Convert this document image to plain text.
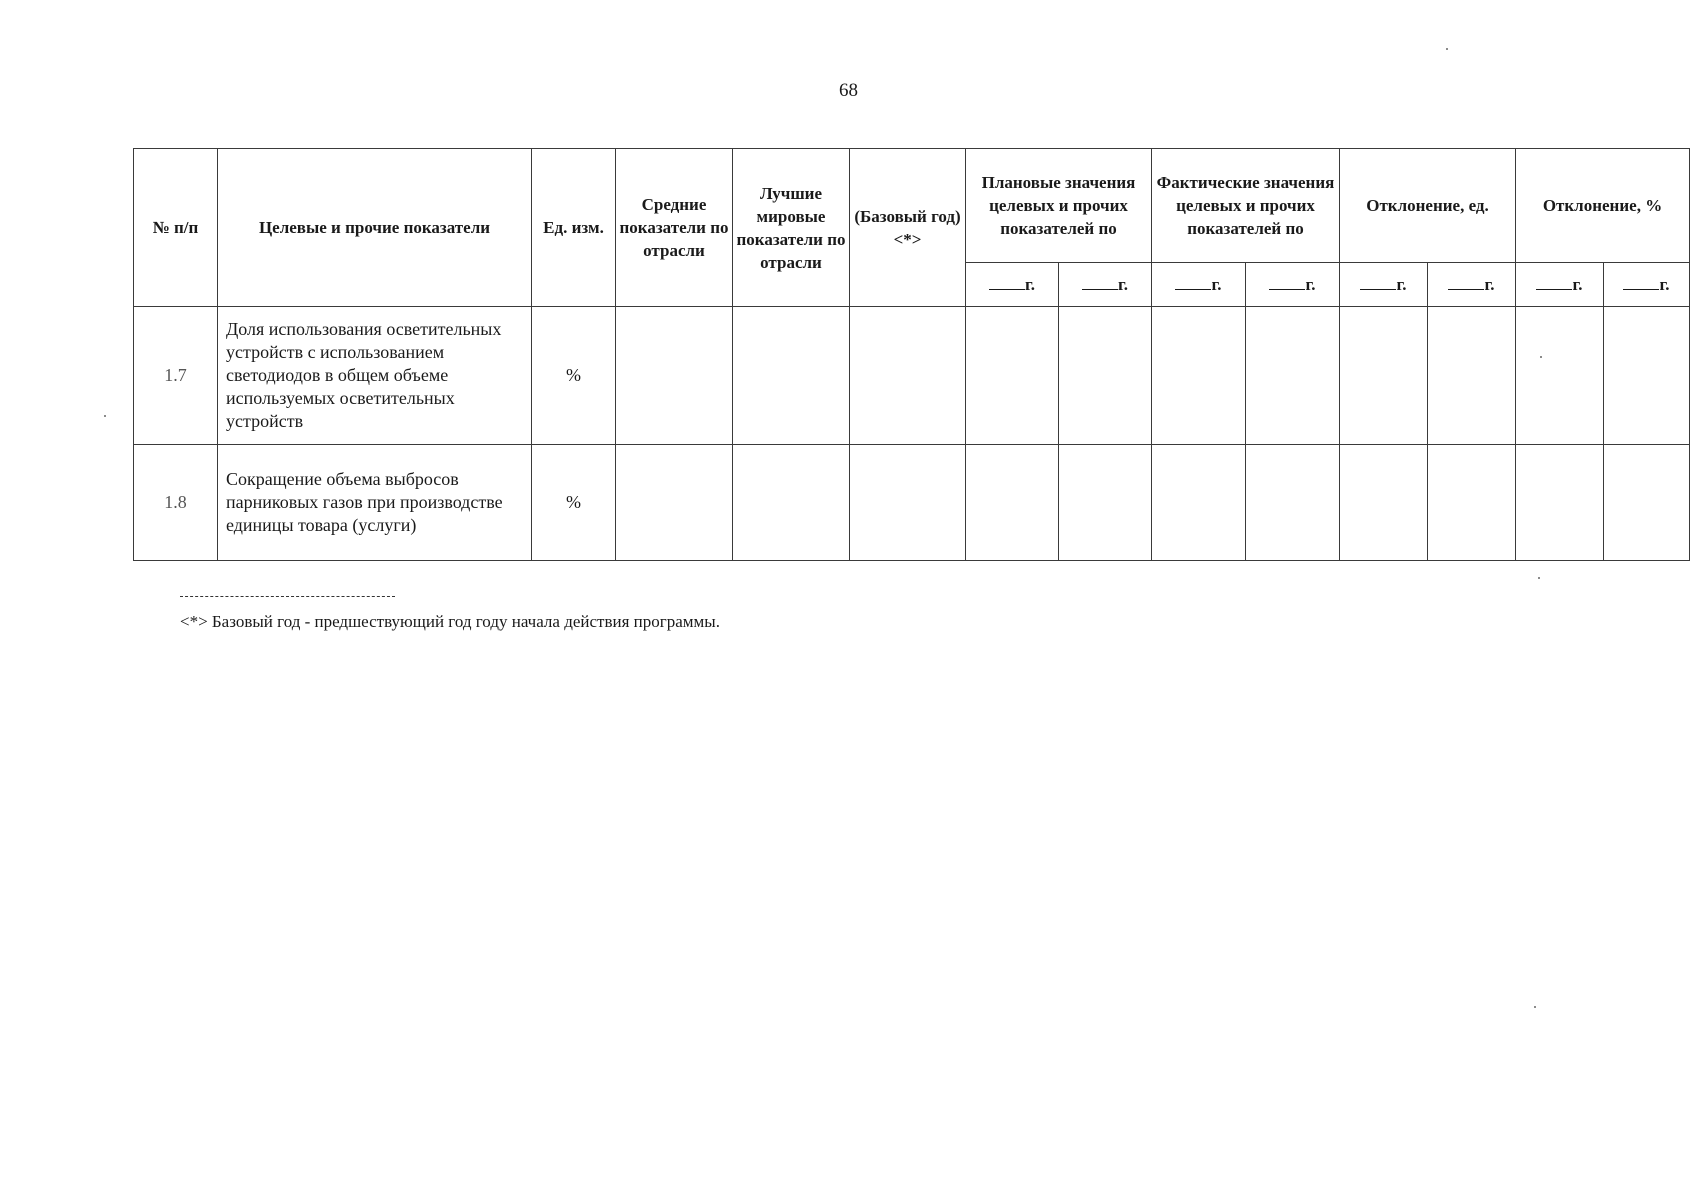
68
№ п/п	Целевые и прочие показатели	Ед. изм.	Средние показатели по отрасли	Лучшие мировые показатели по отрасли	(Базовый год) <*>	Плановые значения целевых и прочих показателей по		Фактические значения целевых и прочих показателей по		Отклонение, ед.		Отклонение, %	
						г.	г.	г.	г.	г.	г.	г.	г.
1.7	Доля использования осветительных устройств с использованием светодиодов в общем объеме используемых осветительных устройств	%											
1.8	Сокращение объема выбросов парниковых газов при производстве единицы товара (услуги)	%											
<*> Базовый год - предшествующий год году начала действия программы.
